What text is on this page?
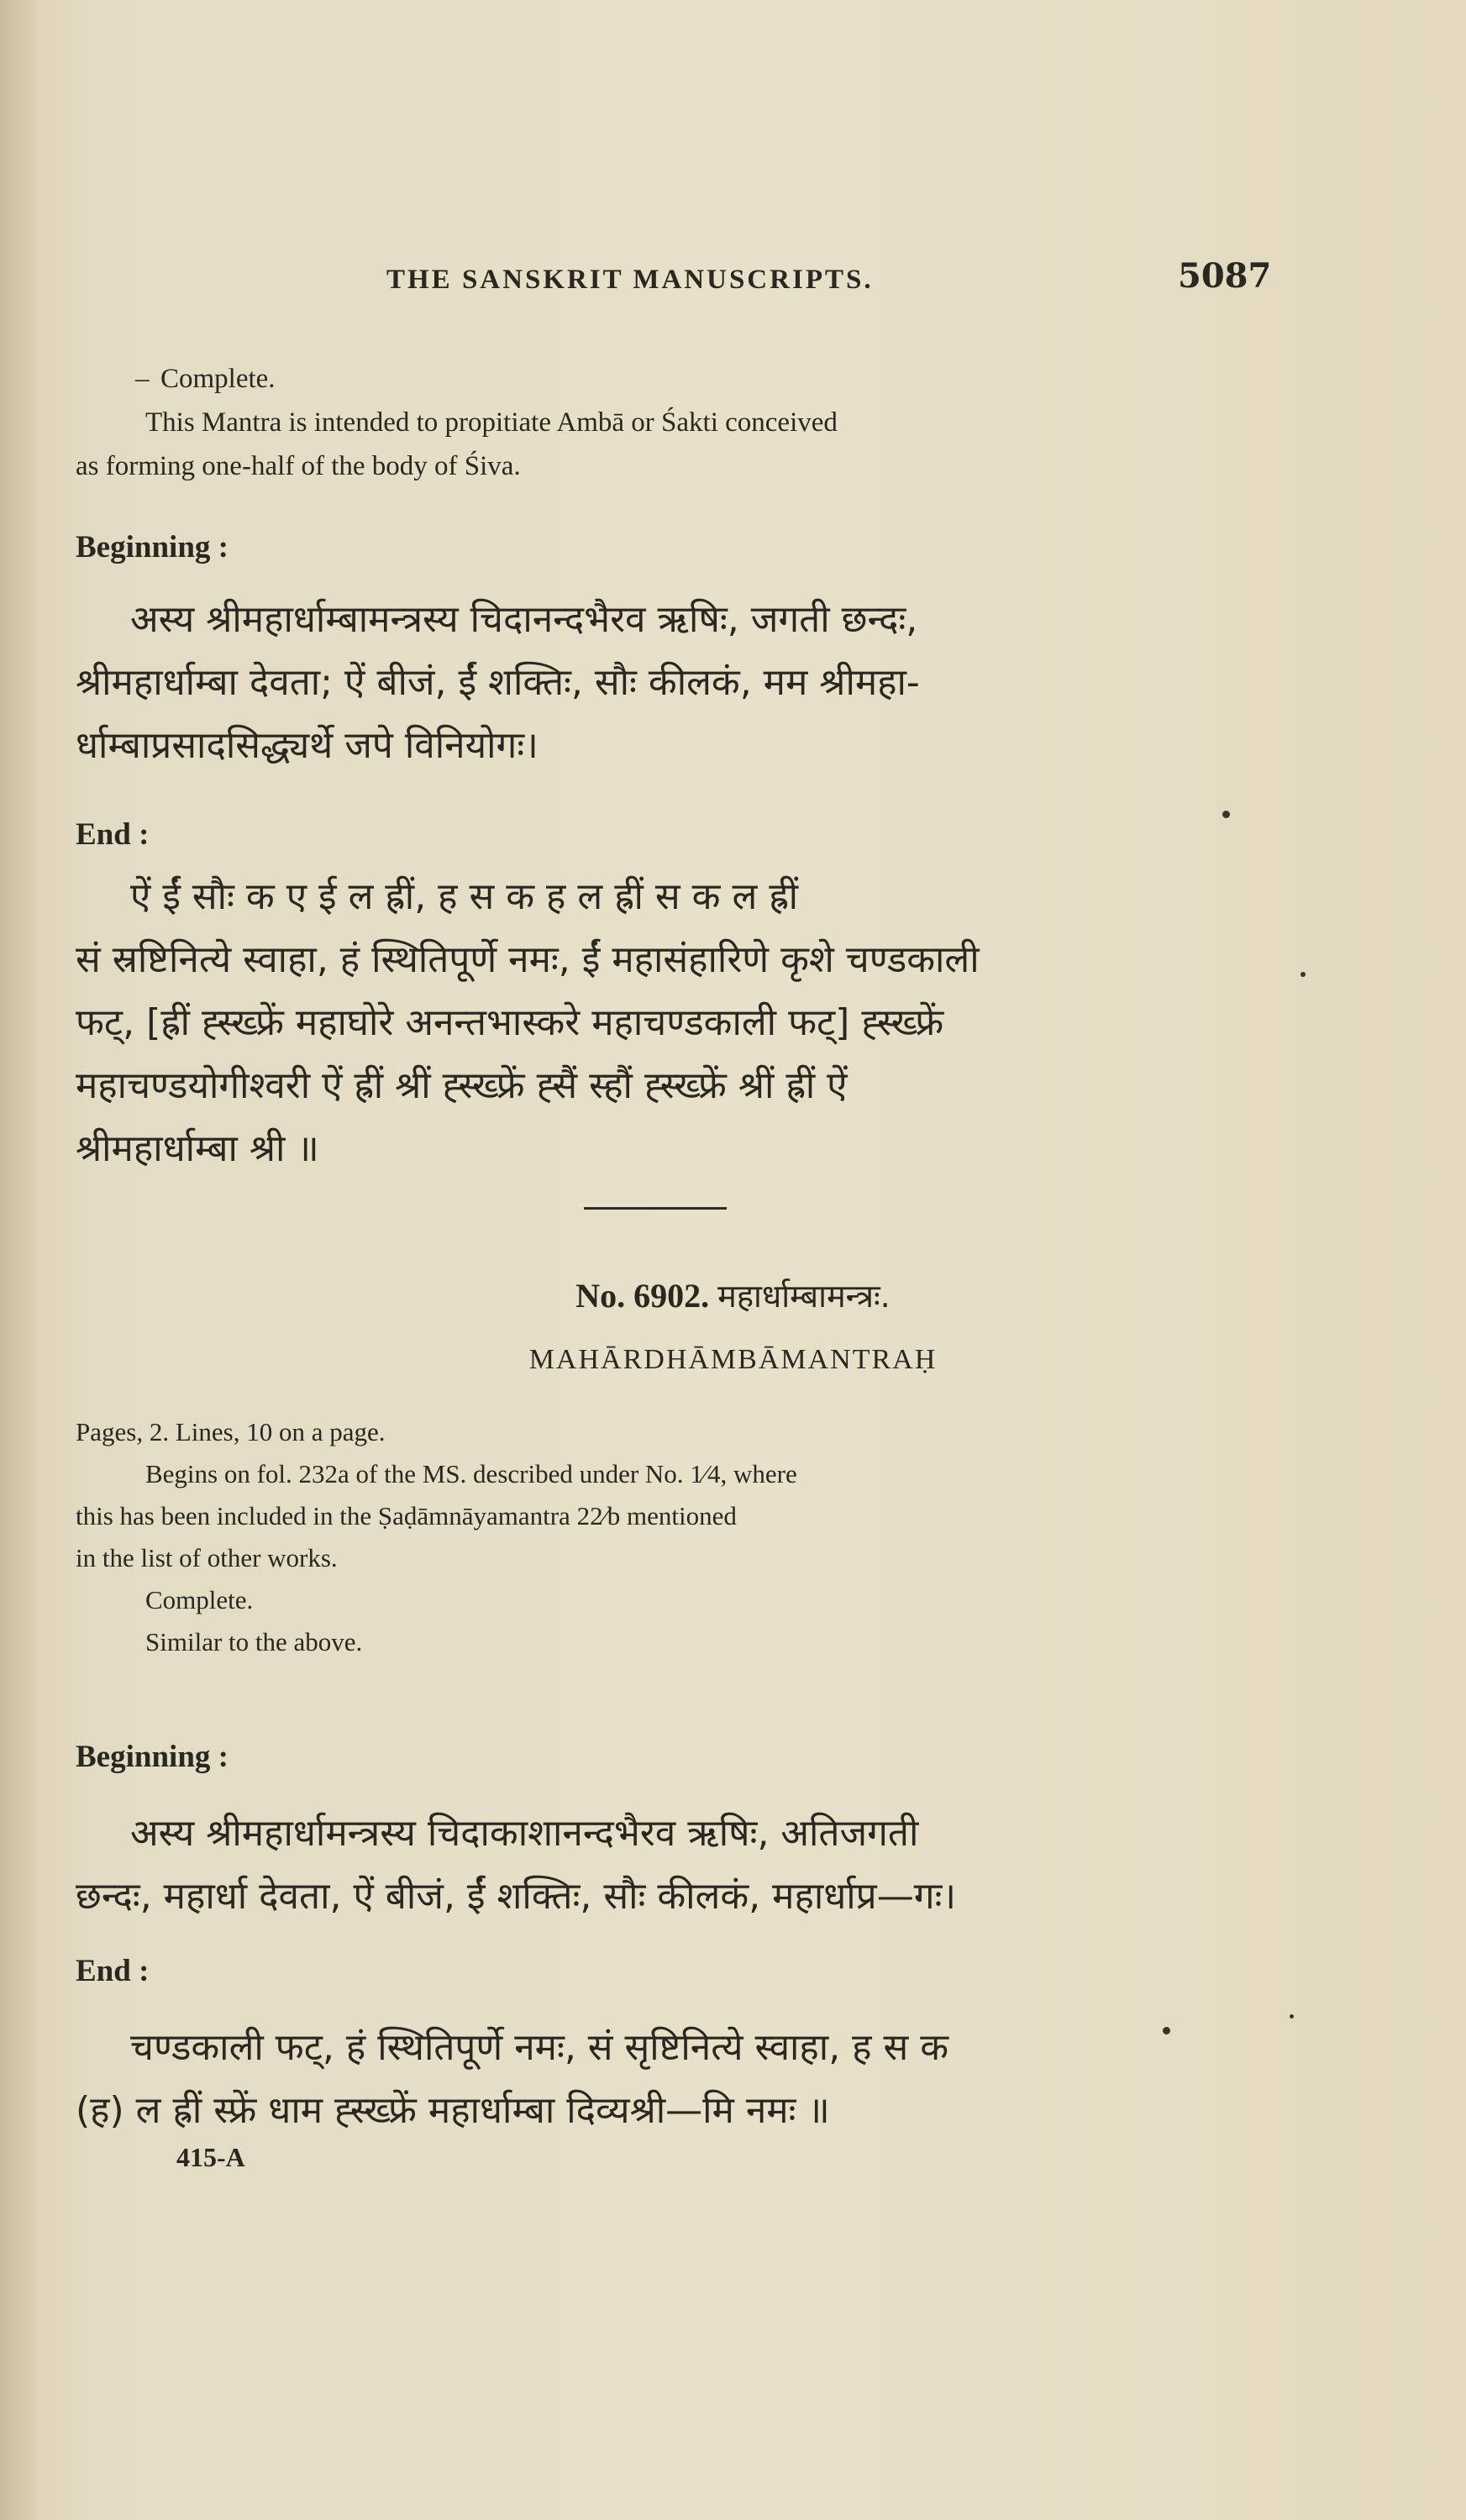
THE SANSKRIT MANUSCRIPTS.	5087

– Complete.

This Mantra is intended to propitiate Ambā or Śakti conceived

as forming one-half of the body of Śiva.

Beginning :

अस्य श्रीमहार्धाम्बामन्त्रस्य चिदानन्दभैरव ऋषिः, जगती छन्दः,
श्रीमहार्धाम्बा देवता; ऐं बीजं, ईं शक्तिः, सौः कीलकं, मम श्रीमहा-
र्धाम्बाप्रसादसिद्ध्यर्थे जपे विनियोगः।

End :

ऐं ईं सौः क ए ई ल ह्रीं, ह स क ह ल ह्रीं स क ल ह्रीं
सं स्रष्टिनित्ये स्वाहा, हं स्थितिपूर्णे नमः, ईं महासंहारिणे कृशे चण्डकाली
फट्, [ह्रीं ह्स्ख्फ्रें महाघोरे अनन्तभास्करे महाचण्डकाली फट्] ह्स्ख्फ्रें
महाचण्डयोगीश्वरी ऐं ह्रीं श्रीं ह्स्ख्फ्रें ह्सैं स्हौं ह्स्ख्फ्रें श्रीं ह्रीं ऐं
श्रीमहार्धाम्बा श्री ॥

No. 6902. महार्धाम्बामन्त्रः.
MAHĀRDHĀMBĀMANTRAḤ

Pages, 2. Lines, 10 on a page.

Begins on fol. 232a of the MS. described under No. 1⁄4, where

this has been included in the Ṣaḍāmnāyamantra 22⁄b mentioned

in the list of other works.

Complete.

Similar to the above.

Beginning :

अस्य श्रीमहार्धामन्त्रस्य चिदाकाशानन्दभैरव ऋषिः, अतिजगती
छन्दः, महार्धा देवता, ऐं बीजं, ईं शक्तिः, सौः कीलकं, महार्धाप्र—गः।

End :

चण्डकाली फट्, हं स्थितिपूर्णे नमः, सं सृष्टिनित्ये स्वाहा, ह स क
(ह) ल ह्रीं स्फ्रें धाम ह्स्ख्फ्रें महार्धाम्बा दिव्यश्री—मि नमः ॥

415-A
